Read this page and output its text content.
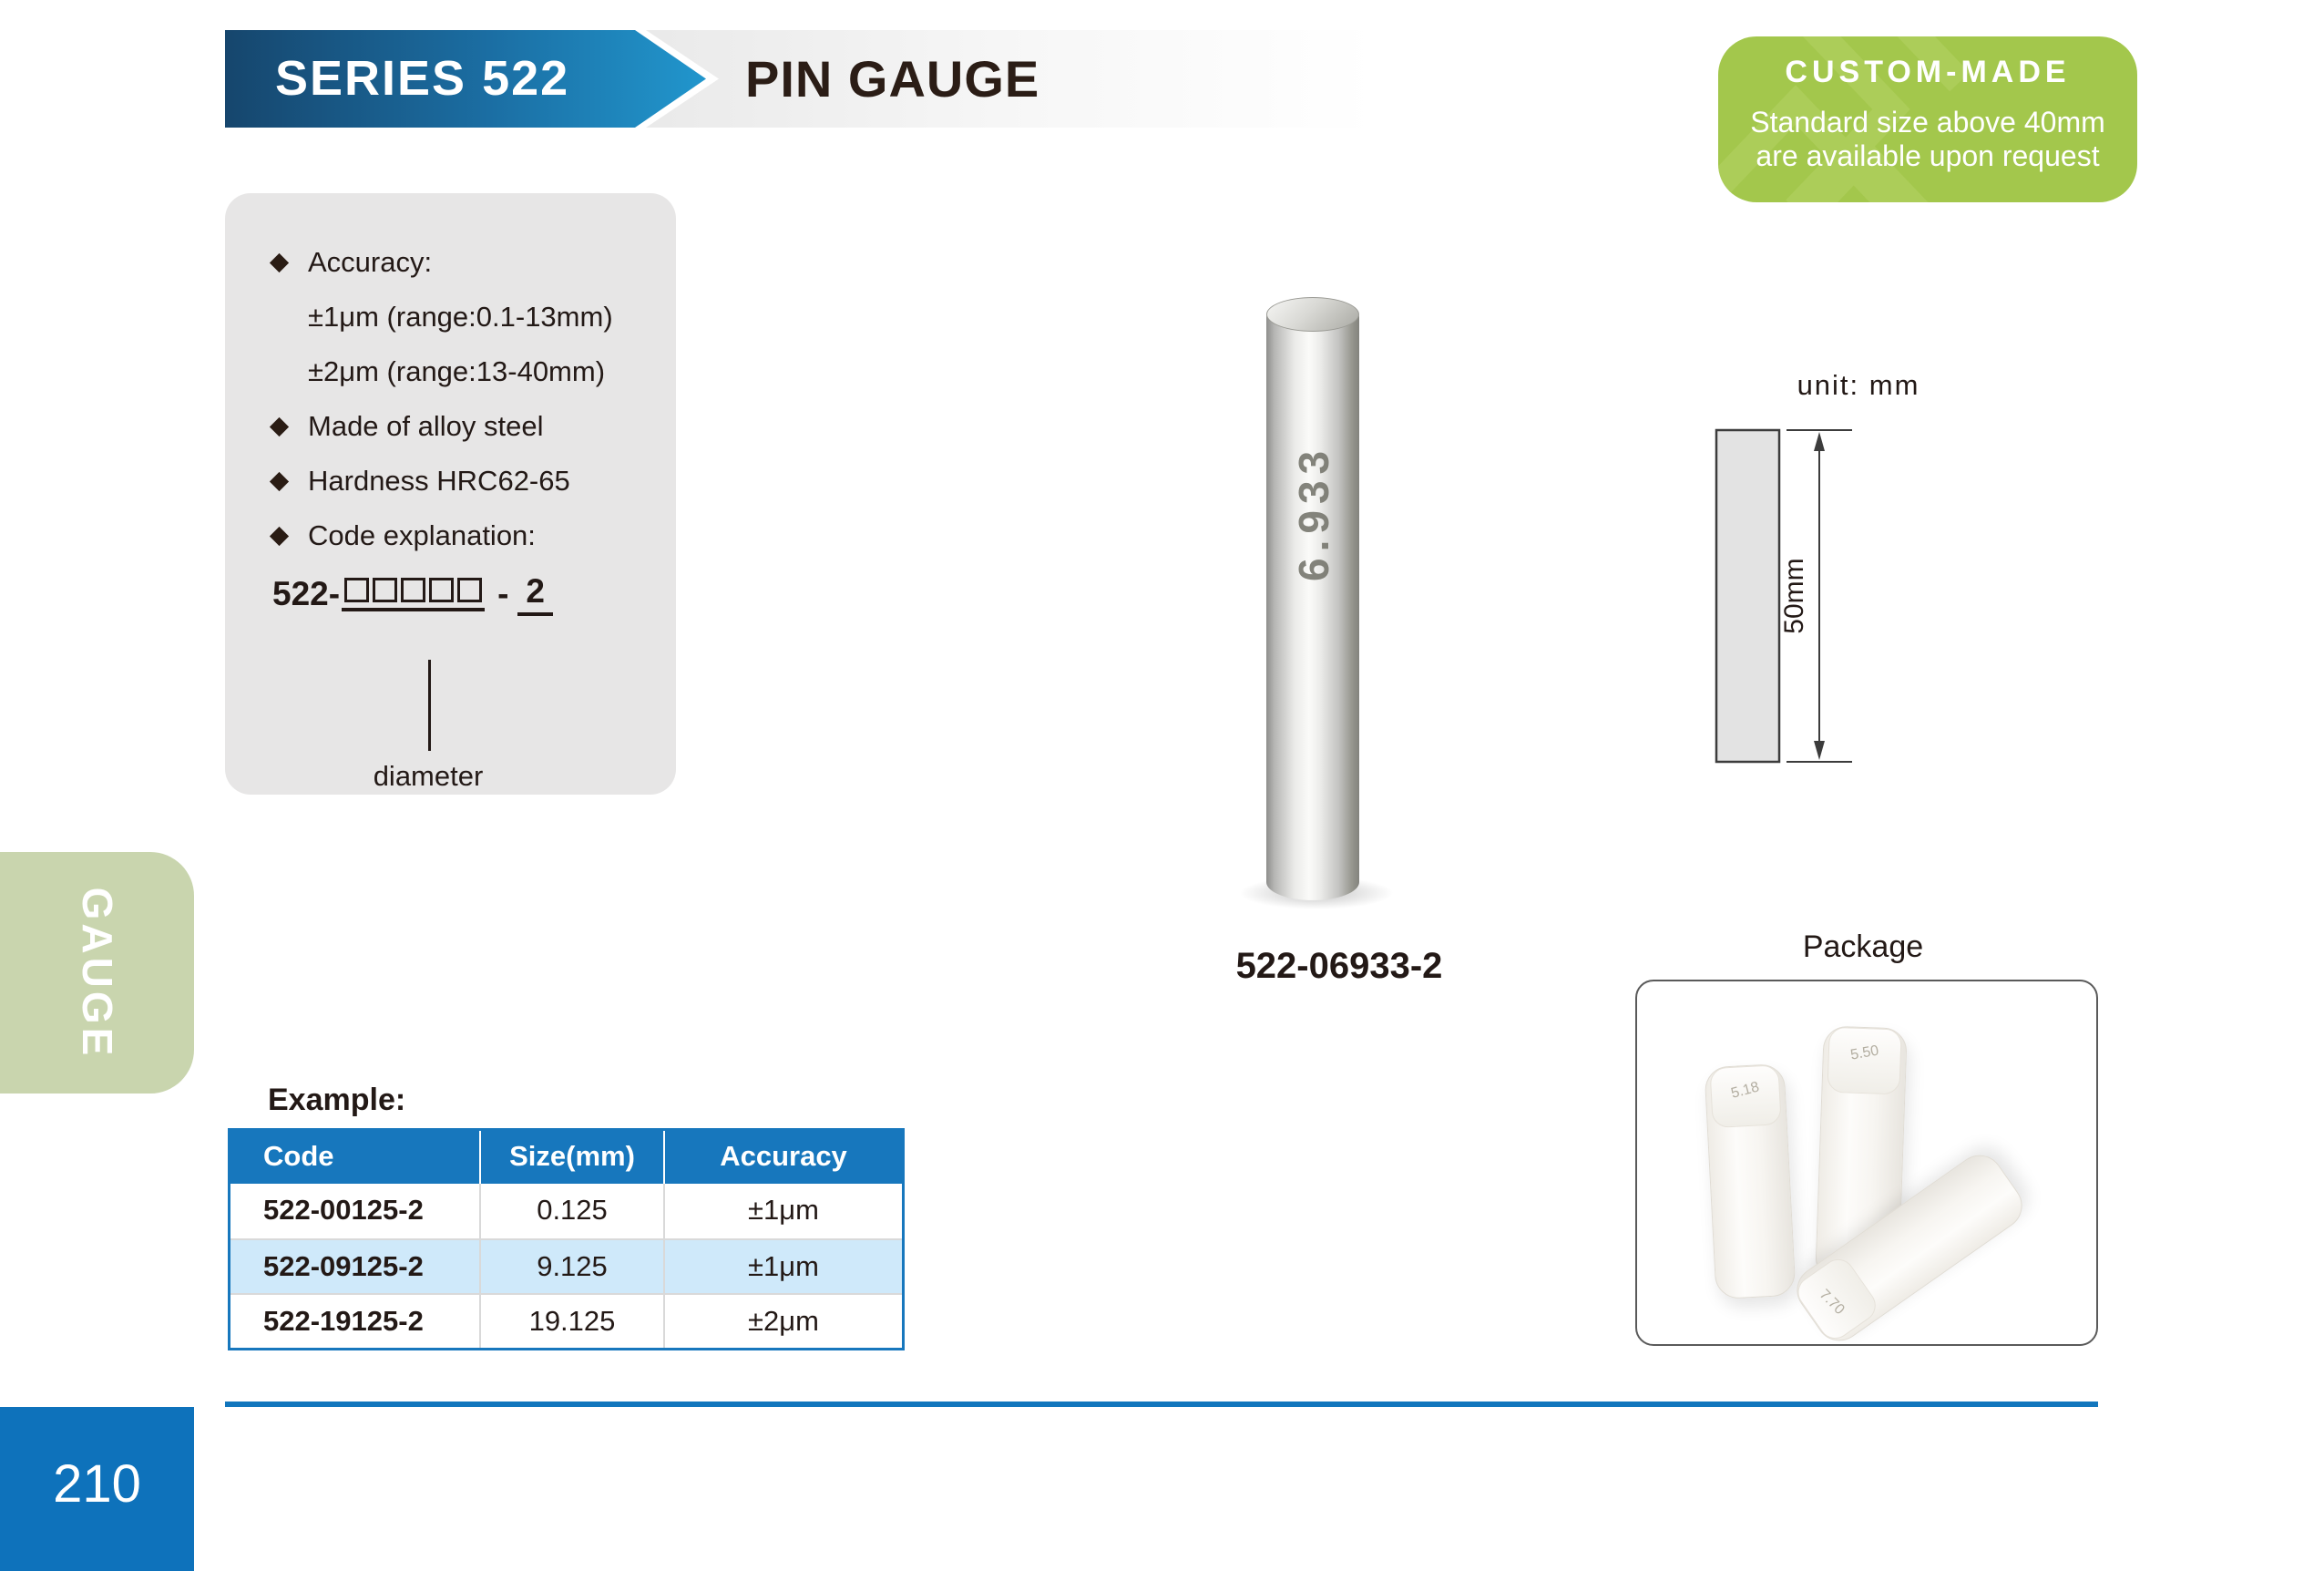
SERIES 522	PIN GAUGE	CUSTOM-MADE
Standard size above 40mm
are available upon request
Accuracy:
±1μm (range:0.1-13mm)
±2μm (range:13-40mm)
Made of alloy steel
Hardness HRC62-65
Code explanation:
522-	- 2
diameter
6.933
522-06933-2
unit: mm
50mm
Package
5.18
5.50
7.70
Example:
Code	Size(mm)	Accuracy
522-00125-2	0.125	±1μm
522-09125-2	9.125	±1μm
522-19125-2	19.125	±2μm
GAUGE
210
